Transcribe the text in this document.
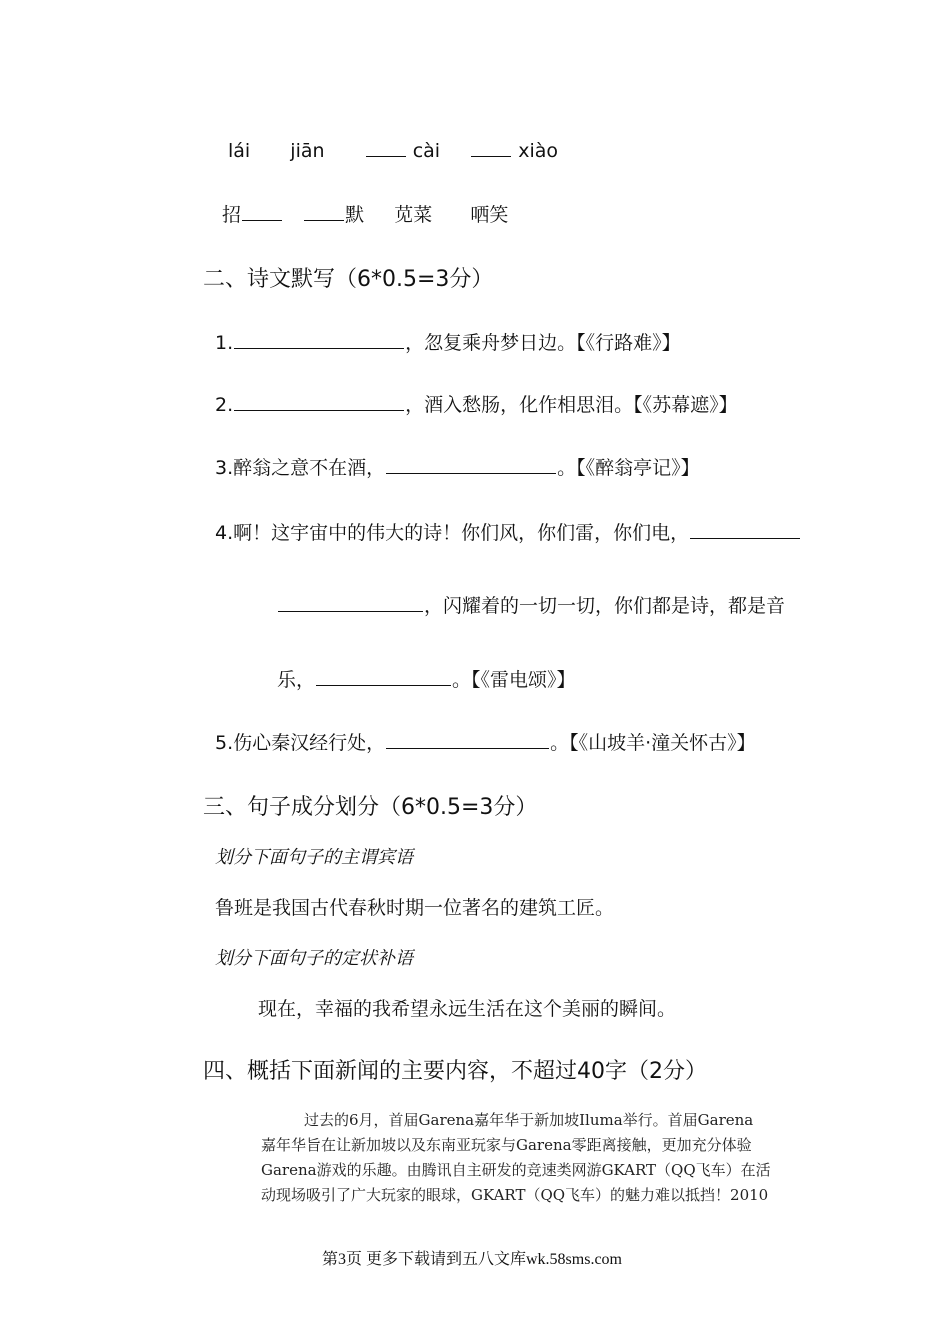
lái jiān	cài	xiào
招	默 苋菜 哂笑
二、诗文默写（6*0.5=3分）
1.	，忽复乘舟梦日边。【《行路难》】
2.	，酒入愁肠，化作相思泪。【《苏幕遮》】
3.醉翁之意不在酒，	。【《醉翁亭记》】
4.啊！这宇宙中的伟大的诗！你们风，你们雷，你们电，
，闪耀着的一切一切，你们都是诗，都是音
乐，	。【《雷电颂》】
5.伤心秦汉经行处，	。【《山坡羊·潼关怀古》】
三、句子成分划分（6*0.5=3分）
划分下面句子的主谓宾语
鲁班是我国古代春秋时期一位著名的建筑工匠。
划分下面句子的定状补语
现在，幸福的我希望永远生活在这个美丽的瞬间。
四、概括下面新闻的主要内容，不超过40字（2分）
过去的6月，首届Garena嘉年华于新加坡Iluma举行。首届Garena
嘉年华旨在让新加坡以及东南亚玩家与Garena零距离接触，更加充分体验
Garena游戏的乐趣。由腾讯自主研发的竞速类网游GKART（QQ飞车）在活
动现场吸引了广大玩家的眼球，GKART（QQ飞车）的魅力难以抵挡！2010
第3页 更多下载请到五八文库wk.58sms.com
